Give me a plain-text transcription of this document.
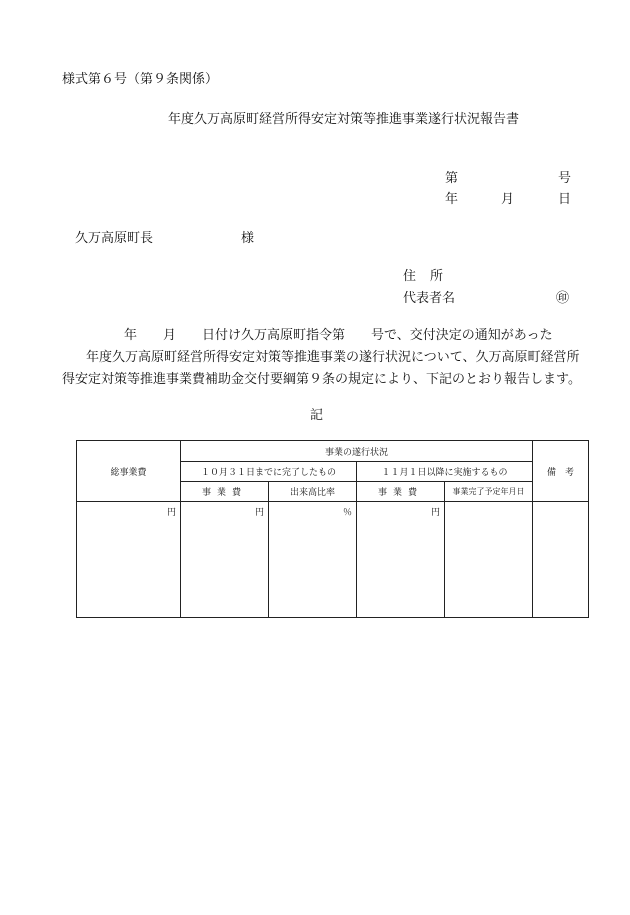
様式第６号（第９条関係）
年度久万高原町経営所得安定対策等推進事業遂行状況報告書
第	号
年	月	日
久万高原町長	様
住所
代表者名	㊞
年　　月　　日付け久万高原町指令第　　号で、交付決定の通知があった
年度久万高原町経営所得安定対策等推進事業の遂行状況について、久万高原町経営所
得安定対策等推進事業費補助金交付要綱第９条の規定により、下記のとおり報告します。
記
総事業費	事業の遂行状況				備　考
	１０月３１日までに完了したもの		１１月１日以降に実施するもの		
	事業費	出来高比率	事業費	事業完了予定年月日	
円	円	％	円		
